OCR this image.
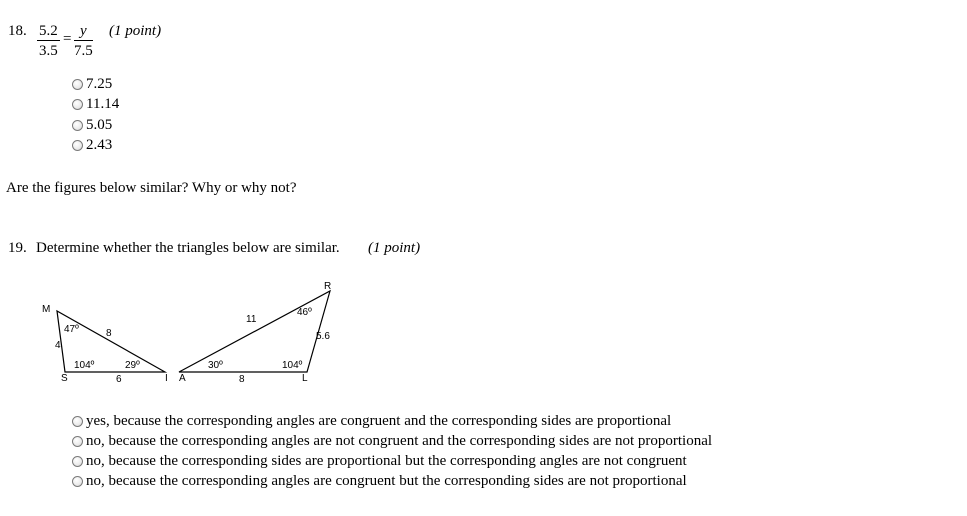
18. $\frac{5.2}{3.5} = \frac{y}{7.5} (1$ point)
7.25
11.14
5.05
2.43
Are the figures below similar? Why or why not?
19. Determine whether the triangles below are similar. (1 point)
M
S	I
47º
104º	29º
4
8
6	A	L
R
30º	104º
46º
11
5.6
8
yes, because the corresponding angles are congruent and the corresponding sides are proportional
no, because the corresponding angles are not congruent and the corresponding sides are not proportional
no, because the corresponding sides are proportional but the corresponding angles are not congruent
no, because the corresponding angles are congruent but the corresponding sides are not proportional
